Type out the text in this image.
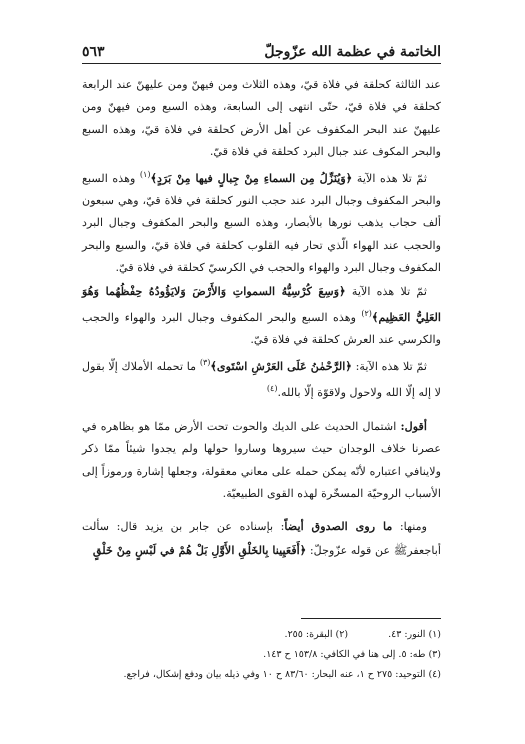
الخاتمة في عظمة الله عزّوجلّ
٥٦٣

عند الثالثة كحلقة في فلاة قيّ، وهذه الثلاث ومن فيهنّ ومن عليهنّ عند الرابعة كحلقة في فلاة قيّ، حتّى انتهى إلى السابعة، وهذه السبع ومن فيهنّ ومن عليهنّ عند البحر المكفوف عن أهل الأرض كحلقة في فلاة قيّ، وهذه السبع والبحر المكوف عند جبال البرد كحلقة في فلاة قيّ.

ثمّ تلا هذه الآية ﴿وَيُنَزِّلُ مِن السماءِ مِنْ جِبالٍ فيها مِنْ بَرَدٍ﴾$^{(١)}$ وهذه السبع والبحر المكفوف وجبال البرد عند حجب النور كحلقة في فلاة قيّ، وهي سبعون ألف حجاب يذهب نورها بالأبصار، وهذه السبع والبحر المكفوف وجبال البرد والحجب عند الهواء الّذي تحار فيه القلوب كحلقة في فلاة قيّ، والسبع والبحر المكفوف وجبال البرد والهواء والحجب في الكرسيّ كحلقة في فلاة قيّ.

ثمّ تلا هذه الآية ﴿وَسِعَ كُرْسِيُّهُ السمواتِ وَالأَرْضَ وَلايَؤُودُهُ حِفْظُهُما وَهُوَ العَلِيُّ العَظِيم﴾$^{(٢)}$ وهذه السبع والبحر المكفوف وجبال البرد والهواء والحجب والكرسي عند العرش كحلقة في فلاة قيّ.

ثمّ تلا هذه الآية: ﴿الرَّحْمٰنُ عَلَى العَرْشِ اسْتَوى﴾$^{(٣)}$ ما تحمله الأملاك إلّا بقول لا إله إلّا الله ولاحول ولاقوّة إلّا بالله.$^{(٤)}$

أقول: اشتمال الحديث على الديك والحوت تحت الأرض ممّا هو بظاهره في عصرنا خلاف الوجدان حيث سيروها وساروا حولها ولم يجدوا شيئاً ممّا ذكر ولاينافي اعتباره لأنّه يمكن حمله على معاني معقولة، وجعلها إشارة ورموزاً إلى الأسباب الروحيّة المسخّرة لهذه القوى الطبيعيّة.

ومنها: ما روى الصدوق أيضاً: بإسناده عن جابر بن يزيد قال: سألت أباجعفرﷺ عن قوله عزّوجلّ: ﴿أَفَعَيِينا بِالخَلْقِ الأَوَّلِ بَلْ هُمْ في لَبْسٍ مِنْ خَلْقٍ

(١) النور: ٤٣.

(٢) البقرة: ٢٥٥.

(٣) طه: ٥. إلى هنا في الكافي: ١٥٣/٨ ح ١٤٣.

(٤) التوحيد: ٢٧٥ ح ١، عنه البحار: ٨٣/٦٠ ح ١٠ وفي ذيله بيان ودفع إشكال، فراجع.
